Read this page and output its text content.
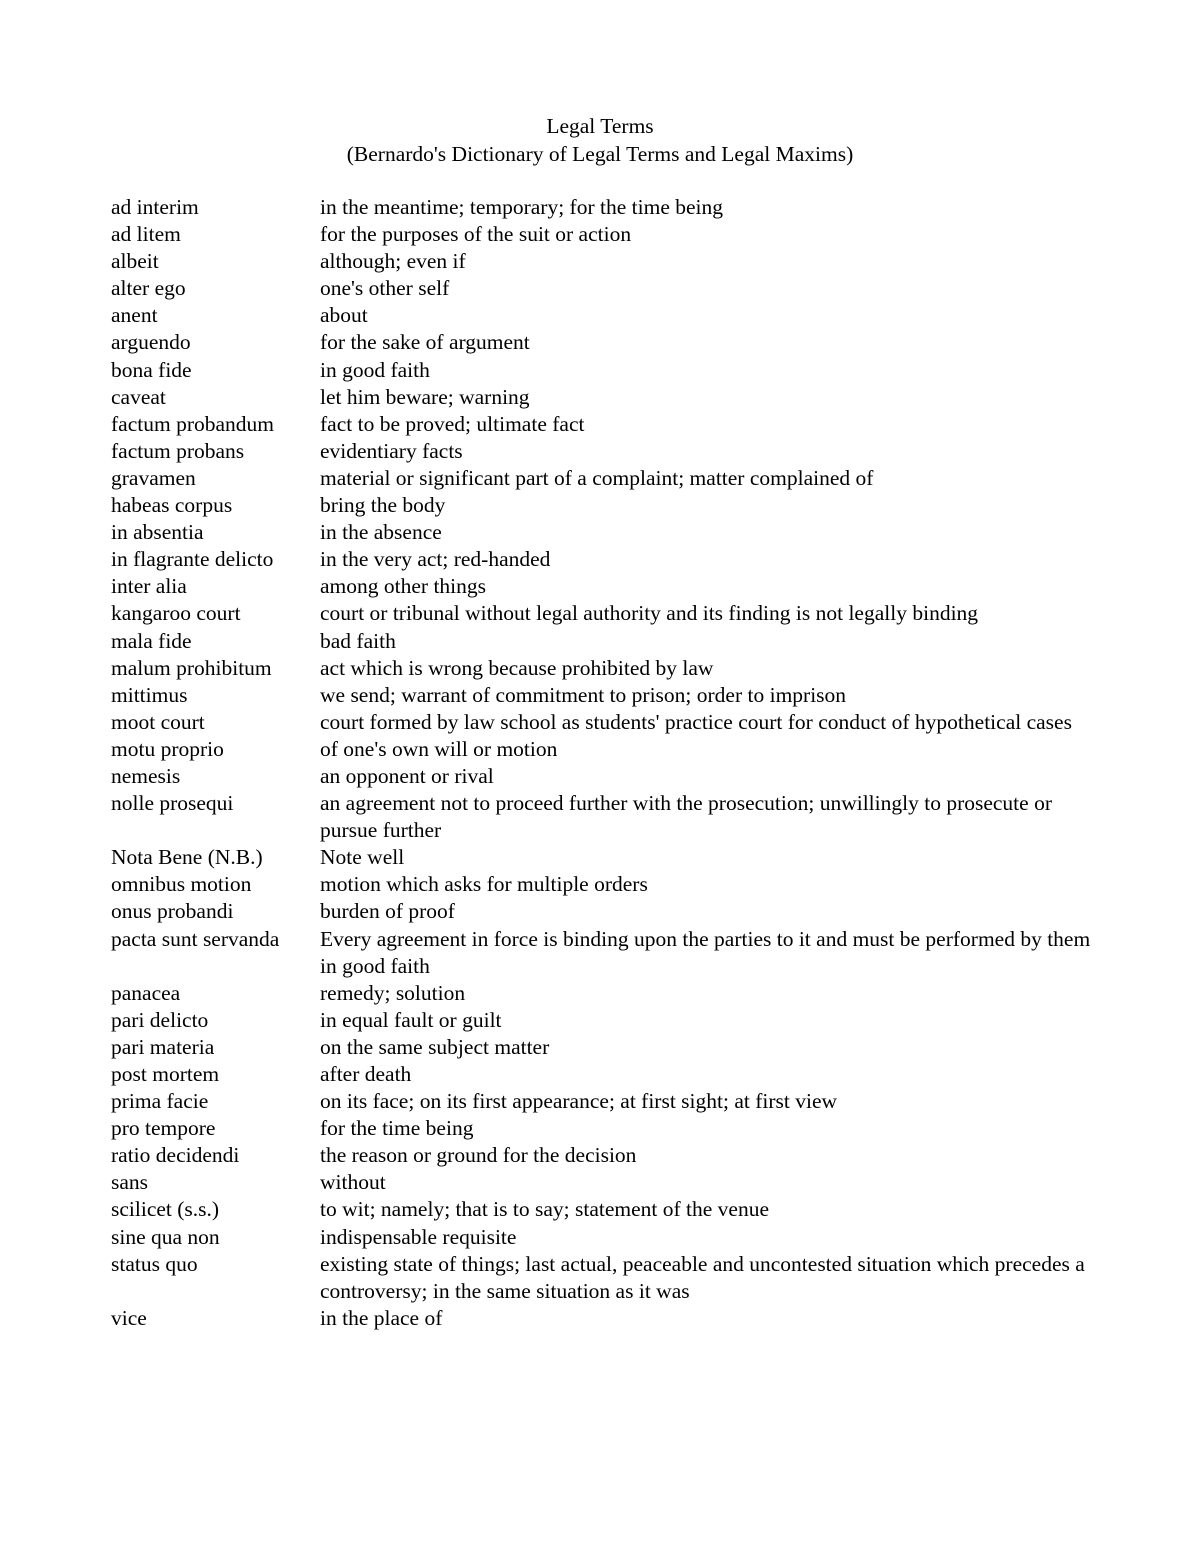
Legal Terms
(Bernardo's Dictionary of Legal Terms and Legal Maxims)
ad interim	in the meantime; temporary; for the time being
ad litem	for the purposes of the suit or action
albeit	although; even if
alter ego	one's other self
anent	about
arguendo	for the sake of argument
bona fide	in good faith
caveat	let him beware; warning
factum probandum	fact to be proved; ultimate fact
factum probans	evidentiary facts
gravamen	material or significant part of a complaint; matter complained of
habeas corpus	bring the body
in absentia	in the absence
in flagrante delicto	in the very act; red-handed
inter alia	among other things
kangaroo court	court or tribunal without legal authority and its finding is not legally binding
mala fide	bad faith
malum prohibitum	act which is wrong because prohibited by law
mittimus	we send; warrant of commitment to prison; order to imprison
moot court	court formed by law school as students' practice court for conduct of hypothetical cases
motu proprio	of one's own will or motion
nemesis	an opponent or rival
nolle prosequi	an agreement not to proceed further with the prosecution; unwillingly to prosecute or pursue further
Nota Bene (N.B.)	Note well
omnibus motion	motion which asks for multiple orders
onus probandi	burden of proof
pacta sunt servanda	Every agreement in force is binding upon the parties to it and must be performed by them in good faith
panacea	remedy; solution
pari delicto	in equal fault or guilt
pari materia	on the same subject matter
post mortem	after death
prima facie	on its face; on its first appearance; at first sight; at first view
pro tempore	for the time being
ratio decidendi	the reason or ground for the decision
sans	without
scilicet (s.s.)	to wit; namely; that is to say; statement of the venue
sine qua non	indispensable requisite
status quo	existing state of things; last actual, peaceable and uncontested situation which precedes a controversy; in the same situation as it was
vice	in the place of
